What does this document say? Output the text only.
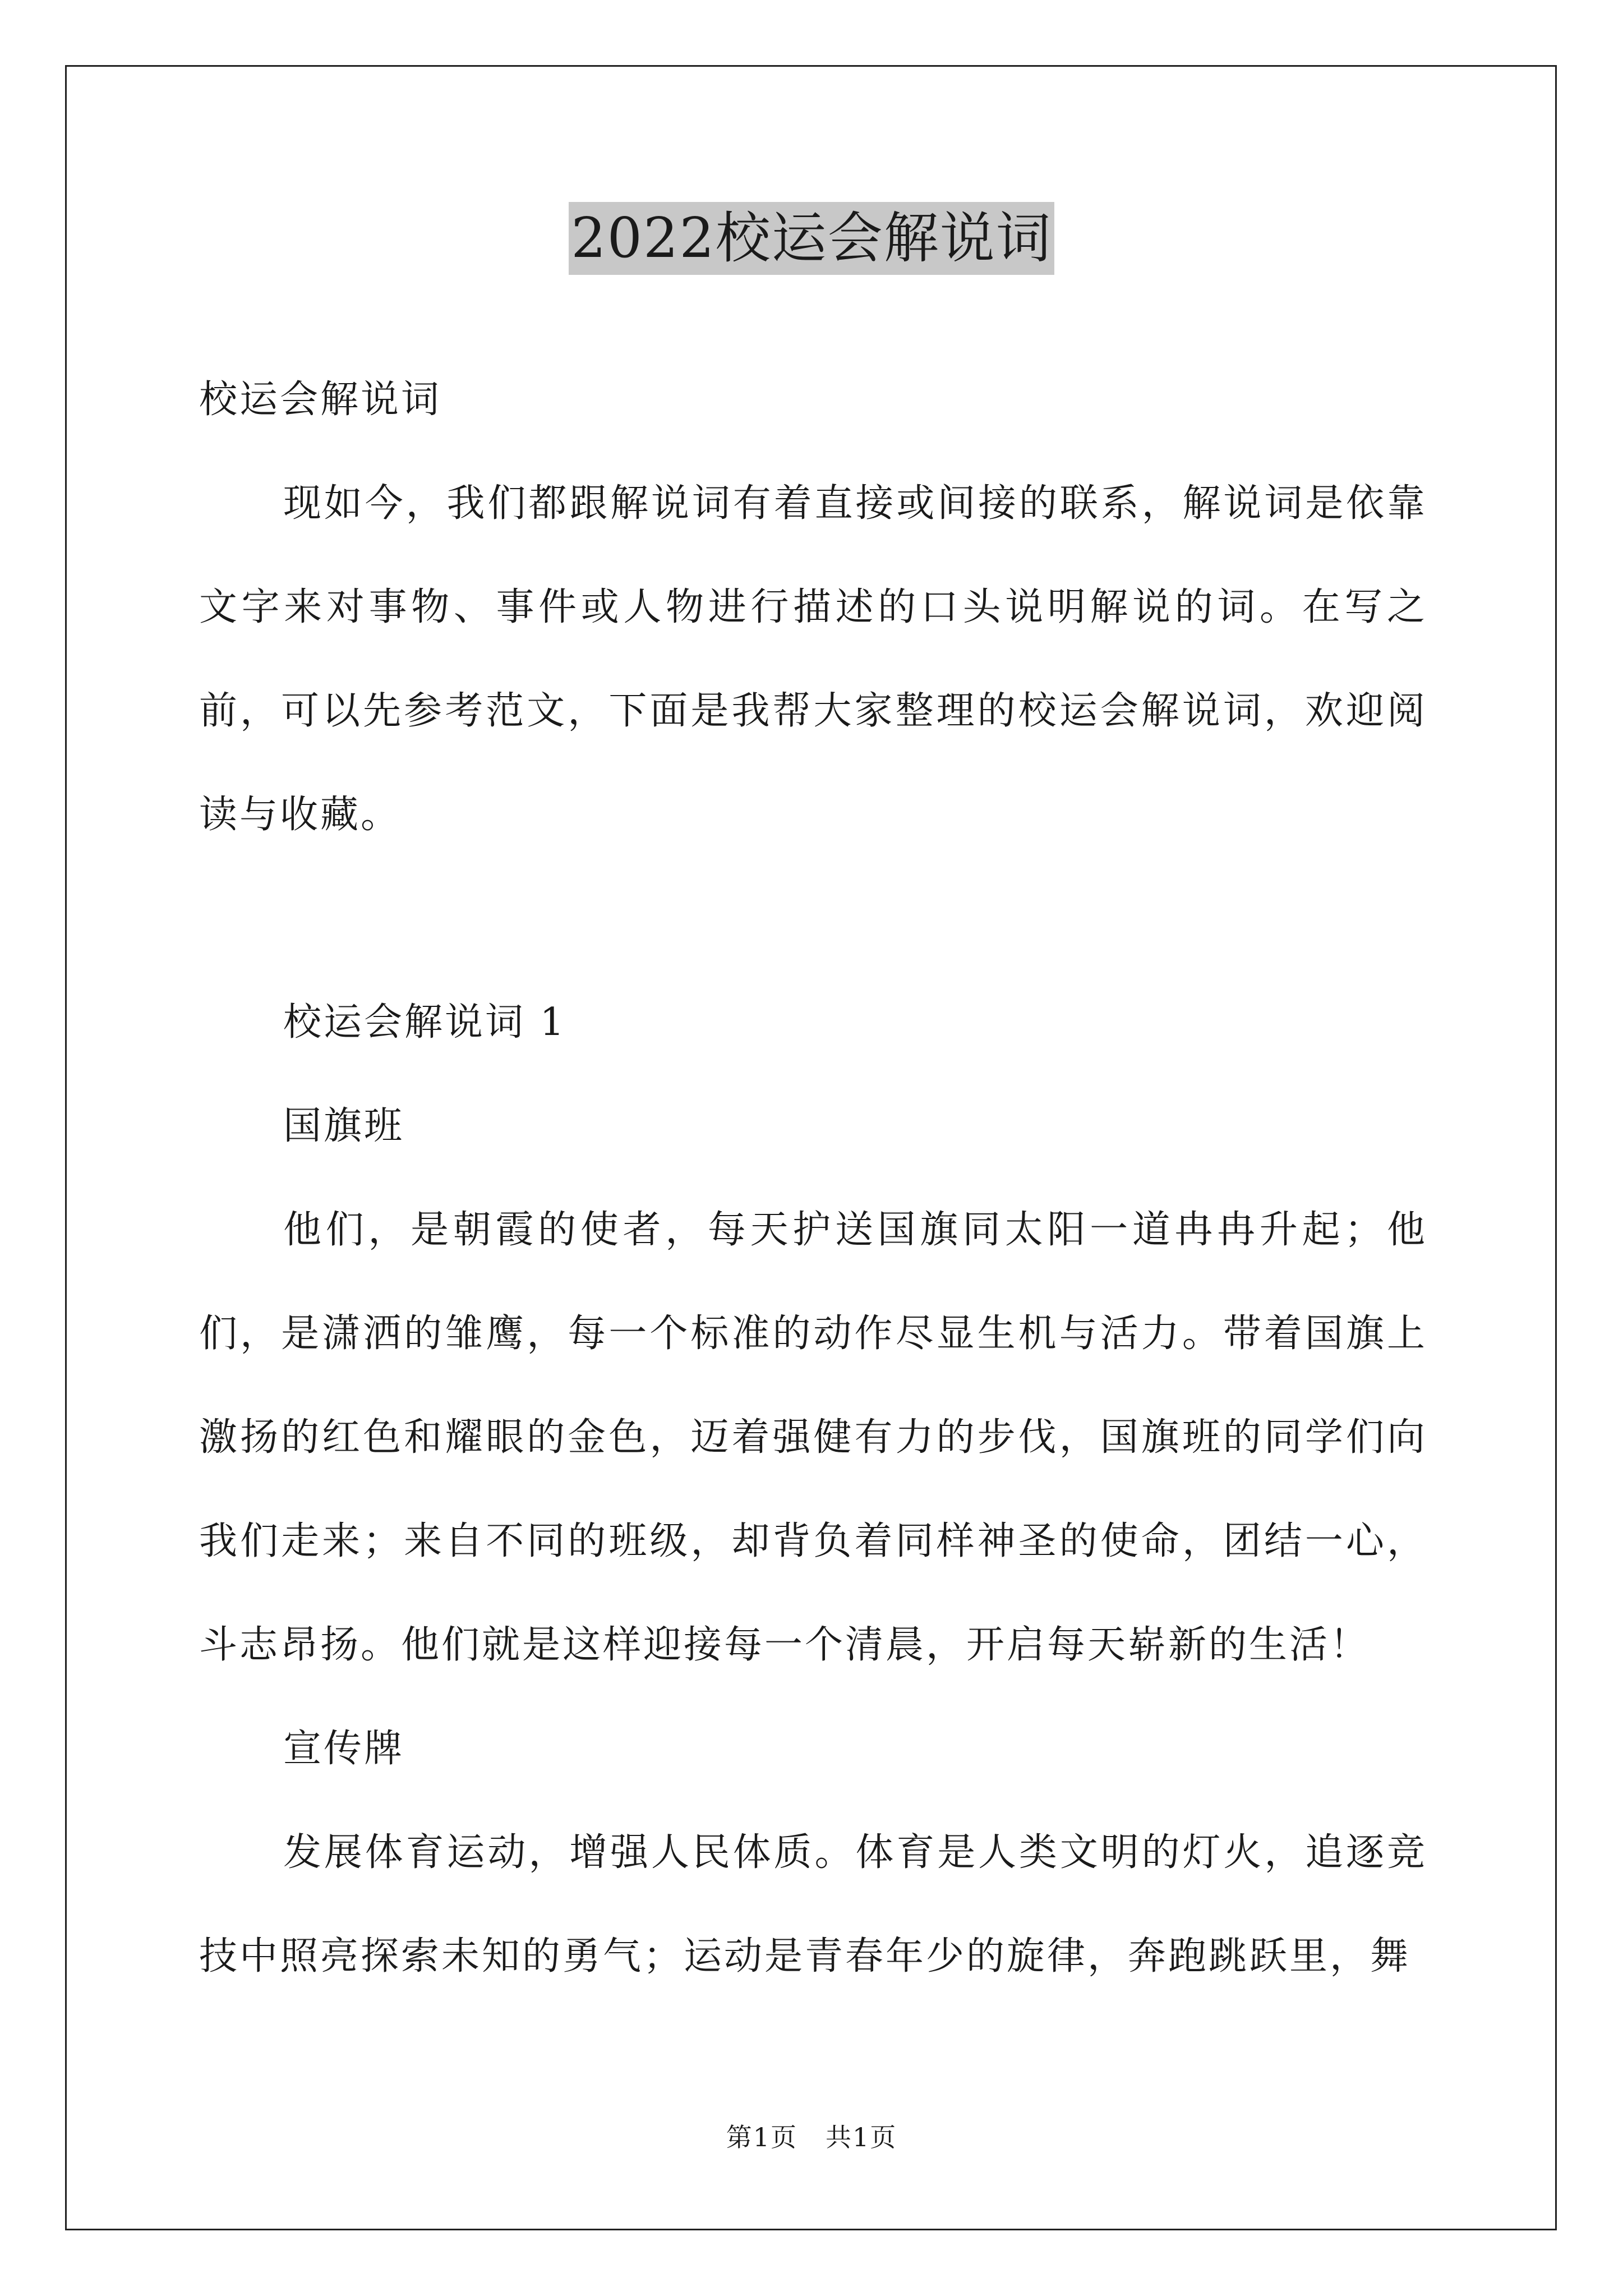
2022校运会解说词

校运会解说词

现如今，我们都跟解说词有着直接或间接的联系，解说词是依靠文字来对事物、事件或人物进行描述的口头说明解说的词。在写之前，可以先参考范文，下面是我帮大家整理的校运会解说词，欢迎阅读与收藏。

校运会解说词 1

国旗班

他们，是朝霞的使者，每天护送国旗同太阳一道冉冉升起；他们，是潇洒的雏鹰，每一个标准的动作尽显生机与活力。带着国旗上激扬的红色和耀眼的金色，迈着强健有力的步伐，国旗班的同学们向我们走来；来自不同的班级，却背负着同样神圣的使命，团结一心，斗志昂扬。他们就是这样迎接每一个清晨，开启每天崭新的生活！

宣传牌

发展体育运动，增强人民体质。体育是人类文明的灯火，追逐竞技中照亮探索未知的勇气；运动是青春年少的旋律，奔跑跳跃里，舞

第1页 共1页
